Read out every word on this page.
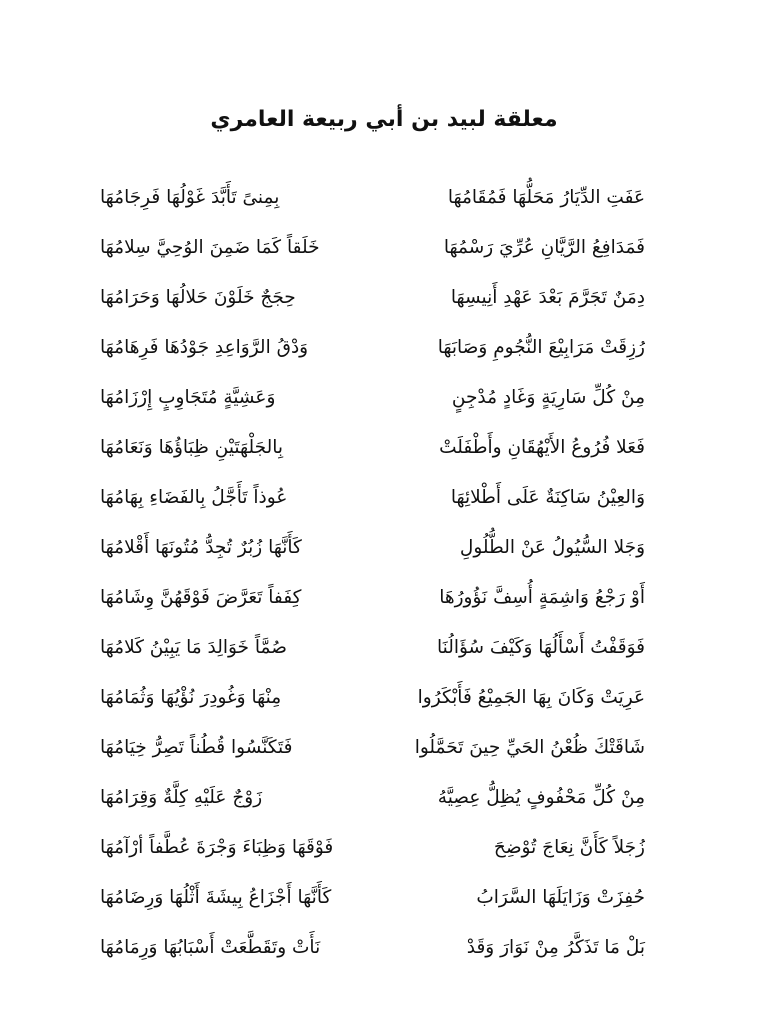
معلقة لبيد بن أبي ربيعة العامري
عَفَتِ الدِّيَارُ مَحَلُّهَا فَمُقَامُهَا
بِمِنىً تَأَبَّدَ غَوْلُهَا فَرِجَامُهَا
فَمَدَافِعُ الرَّيَّانِ عُرِّيَ رَسْمُهَا
خَلَقاً كَمَا ضَمِنَ الوُحِيَّ سِلامُهَا
دِمَنٌ تَجَرَّمَ بَعْدَ عَهْدِ أَنِيسِهَا
حِجَجٌ خَلَوْنَ حَلالُهَا وَحَرَامُهَا
رُزِقَتْ مَرَابِيْعَ النُّجُومِ وَصَابَهَا
وَدْقُ الرَّوَاعِدِ جَوْدُهَا فَرِهَامُهَا
مِنْ كُلِّ سَارِيَةٍ وَغَادٍ مُدْجِنٍ
وَعَشِيَّةٍ مُتَجَاوِبٍ إِرْزَامُهَا
فَعَلا فُرُوعُ الأَيْهُقَانِ وأَطْفَلَتْ
بِالجَلْهَتَيْنِ ظِبَاؤُهَا وَنَعَامُهَا
وَالعِيْنُ سَاكِنَةٌ عَلَى أَطْلائِهَا
عُوذاً تَأَجَّلُ بِالفَضَاءِ بِهَامُهَا
وَجَلا السُّيُولُ عَنْ الطُّلُولِ
كَأَنَّهَا زُبُرٌ تُجِدُّ مُتُونَهَا أَقْلامُهَا
أَوْ رَجْعُ وَاشِمَةٍ أُسِفَّ نَؤُورُهَا
كِفَفاً تَعَرَّضَ فَوْقَهُنَّ وِشَامُهَا
فَوَقَفْتُ أَسْأَلُهَا وَكَيْفَ سُؤَالُنَا
صُمَّاً خَوَالِدَ مَا يَبِيْنُ كَلامُهَا
عَرِيَتْ وَكَانَ بِهَا الجَمِيْعُ فَأَبْكَرُوا
مِنْهَا وَغُودِرَ نُؤْيُهَا وَثُمَامُهَا
شَاقَتْكَ ظُعْنُ الحَيِّ حِينَ تَحَمَّلُوا
فَتَكَنَّسُوا قُطُناً تَصِرُّ خِيَامُهَا
مِنْ كُلِّ مَحْفُوفٍ يُظِلُّ عِصِيَّهُ
زَوْجٌ عَلَيْهِ كِلَّةٌ وَقِرَامُهَا
زُجَلاً كَأَنَّ نِعَاجَ تُوْضِحَ
فَوْقَهَا وَظِبَاءَ وَجْرَةَ عُطَّفاً أرْآمُهَا
حُفِزَتْ وَزَايَلَهَا السَّرَابُ
كَأَنَّهَا أَجْزَاعُ بِيشَةَ أَثْلُهَا وَرِضَامُهَا
بَلْ مَا تَذَكَّرُ مِنْ نَوَارَ وَقَدْ
نَأَتْ وتَقَطَّعَتْ أَسْبَابُهَا وَرِمَامُهَا
